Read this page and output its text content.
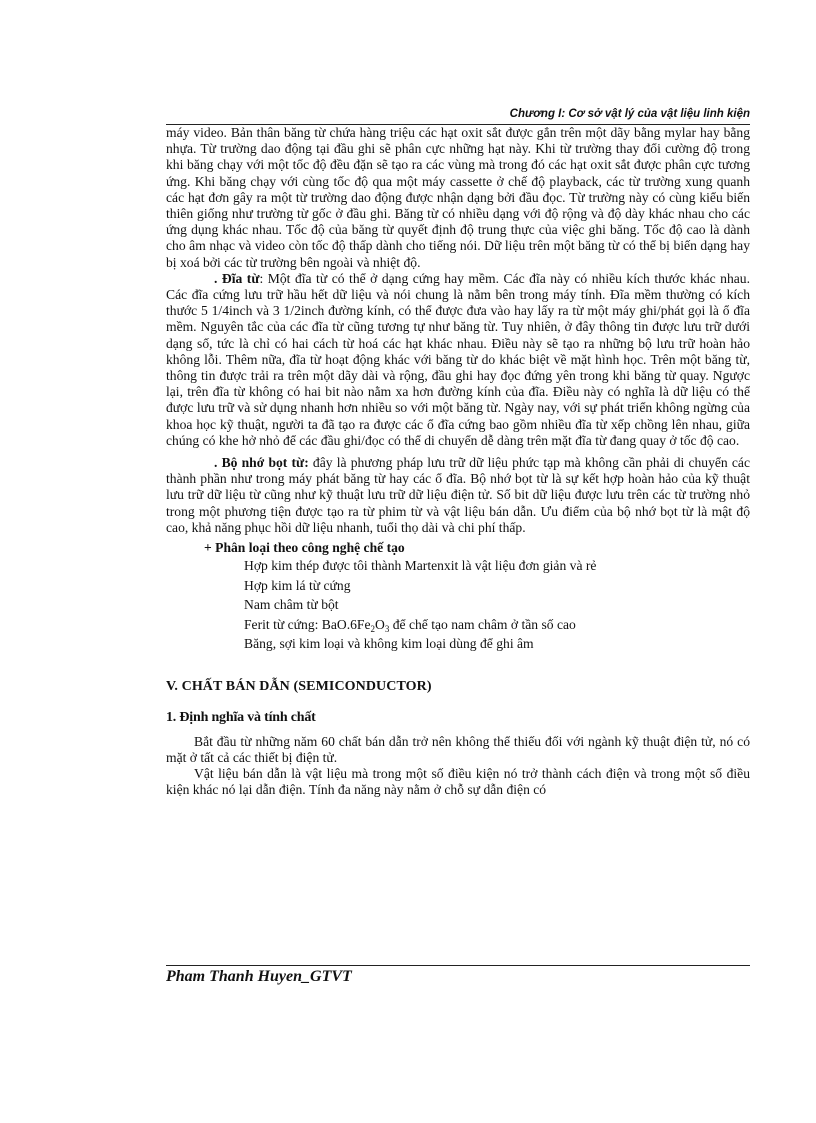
Chương I: Cơ sở vật lý của vật liệu linh kiện

máy video. Bản thân băng từ chứa hàng triệu các hạt oxit sắt được gắn trên một dãy bằng mylar hay bằng nhựa. Từ trường dao động tại đầu ghi sẽ phân cực những hạt này. Khi từ trường thay đổi cường độ trong khi băng chạy với một tốc độ đều đặn sẽ tạo ra các vùng mà trong đó các hạt oxit sắt được phân cực tương ứng. Khi băng chạy với cùng tốc độ qua một máy cassette ở chế độ playback, các từ trường xung quanh các hạt đơn gây ra một từ trường dao động được nhận dạng bởi đầu đọc. Từ trường này có cùng kiểu biến thiên giống như trường từ gốc ở đầu ghi. Băng từ có nhiều dạng với độ rộng và độ dày khác nhau cho các ứng dụng khác nhau. Tốc độ của băng từ quyết định độ trung thực của việc ghi băng. Tốc độ cao là dành cho âm nhạc và video còn tốc độ thấp dành cho tiếng nói. Dữ liệu trên một băng từ có thể bị biến dạng hay bị xoá bởi các từ trường bên ngoài và nhiệt độ.

. Đĩa từ: Một đĩa từ có thể ở dạng cứng hay mềm. Các đĩa này có nhiều kích thước khác nhau. Các đĩa cứng lưu trữ hầu hết dữ liệu và nói chung là nằm bên trong máy tính. Đĩa mềm thường có kích thước 5 1/4inch và 3 1/2inch đường kính, có thể được đưa vào hay lấy ra từ một máy ghi/phát gọi là ổ đĩa mềm. Nguyên tắc của các đĩa từ cũng tương tự như băng từ. Tuy nhiên, ở đây thông tin được lưu trữ dưới dạng số, tức là chỉ có hai cách từ hoá các hạt khác nhau. Điều này sẽ tạo ra những bộ lưu trữ hoàn hảo không lỗi. Thêm nữa, đĩa từ hoạt động khác với băng từ do khác biệt về mặt hình học. Trên một băng từ, thông tin được trải ra trên một dãy dài và rộng, đầu ghi hay đọc đứng yên trong khi băng từ quay. Ngược lại, trên đĩa từ không có hai bit nào nằm xa hơn đường kính của đĩa. Điều này có nghĩa là dữ liệu có thể được lưu trữ và sử dụng nhanh hơn nhiều so với một băng từ. Ngày nay, với sự phát triển không ngừng của khoa học kỹ thuật, người ta đã tạo ra được các ổ đĩa cứng bao gồm nhiều đĩa từ xếp chồng lên nhau, giữa chúng có khe hở nhỏ để các đầu ghi/đọc có thể di chuyển dễ dàng trên mặt đĩa từ đang quay ở tốc độ cao.

. Bộ nhớ bọt từ: đây là phương pháp lưu trữ dữ liệu phức tạp mà không cần phải di chuyển các thành phần như trong máy phát băng từ hay các ổ đĩa. Bộ nhớ bọt từ là sự kết hợp hoàn hảo của kỹ thuật lưu trữ dữ liệu từ cũng như kỹ thuật lưu trữ dữ liệu điện tử. Số bit dữ liệu được lưu trên các từ trường nhỏ trong một phương tiện được tạo ra từ phim từ và vật liệu bán dẫn. Ưu điểm của bộ nhớ bọt từ là mật độ cao, khả năng phục hồi dữ liệu nhanh, tuổi thọ dài và chi phí thấp.

+ Phân loại theo công nghệ chế tạo

Hợp kim thép được tôi thành Martenxit là vật liệu đơn giản và rẻ
Hợp kim lá từ cứng
Nam châm từ bột
Ferit từ cứng: $BaO.6Fe_2O_3$ để chế tạo nam châm ở tần số cao
Băng, sợi kim loại và không kim loại dùng để ghi âm

V. CHẤT BÁN DẪN (SEMICONDUCTOR)

1. Định nghĩa và tính chất

Bắt đầu từ những năm 60 chất bán dẫn trở nên không thể thiếu đối với ngành kỹ thuật điện tử, nó có mặt ở tất cả các thiết bị điện tử.

Vật liệu bán dẫn là vật liệu mà trong một số điều kiện nó trở thành cách điện và trong một số điều kiện khác nó lại dẫn điện. Tính đa năng này nằm ở chỗ sự dẫn điện có

Pham Thanh Huyen_GTVT
